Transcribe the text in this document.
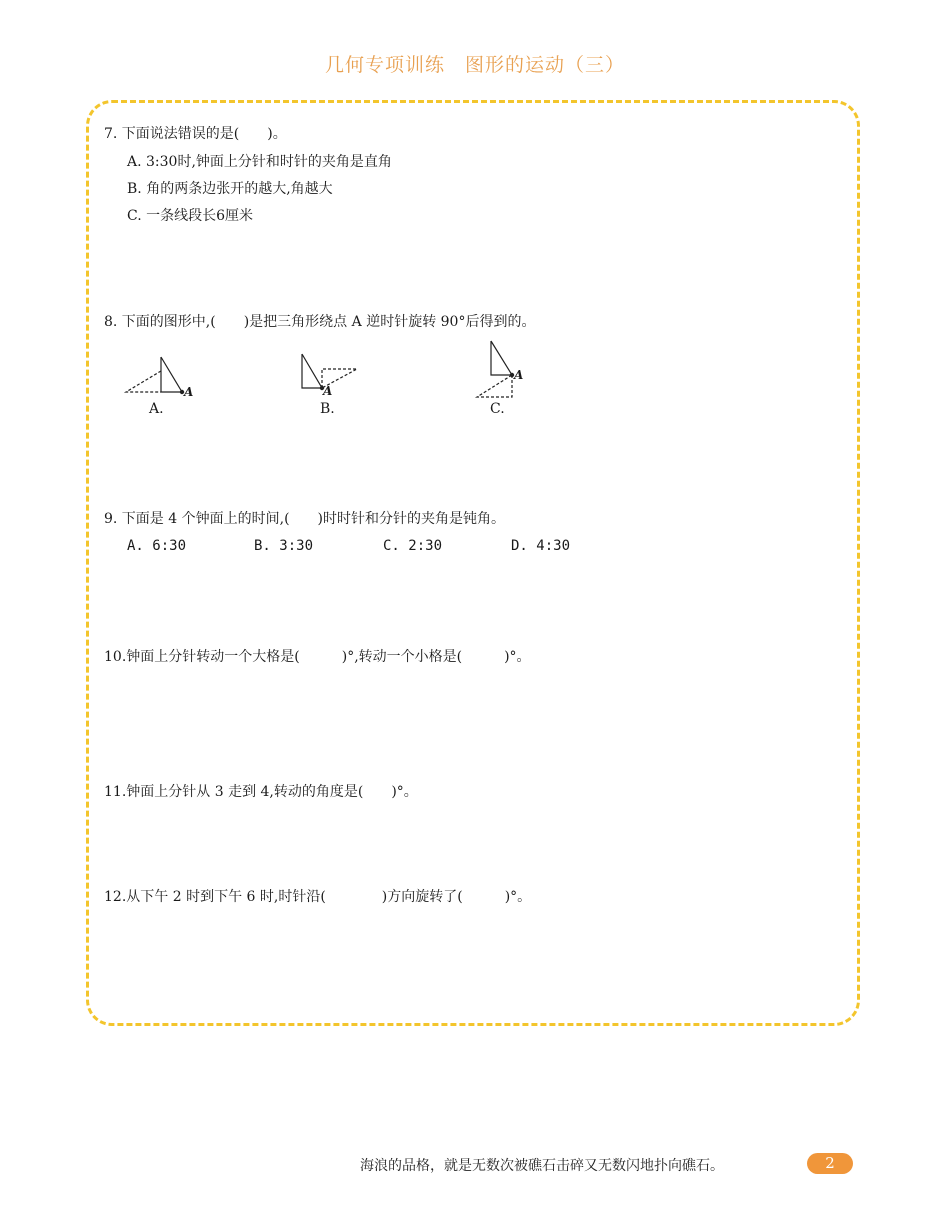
几何专项训练　图形的运动（三）
7. 下面说法错误的是(　　)。
A. 3:30时,钟面上分针和时针的夹角是直角
B. 角的两条边张开的越大,角越大
C. 一条线段长6厘米
8. 下面的图形中,(　　)是把三角形绕点 A 逆时针旋转 90°后得到的。
A	A
A
A.	B.	C.
9. 下面是 4 个钟面上的时间,(　　)时时针和分针的夹角是钝角。
A. 6:30	B. 3:30	C. 2:30	D. 4:30
10.钟面上分针转动一个大格是(　　　)°,转动一个小格是(　　　)°。
11.钟面上分针从 3 走到 4,转动的角度是(　　)°。
12.从下午 2 时到下午 6 时,时针沿(　　　　)方向旋转了(　　　)°。
海浪的品格，就是无数次被礁石击碎又无数闪地扑向礁石。	2
